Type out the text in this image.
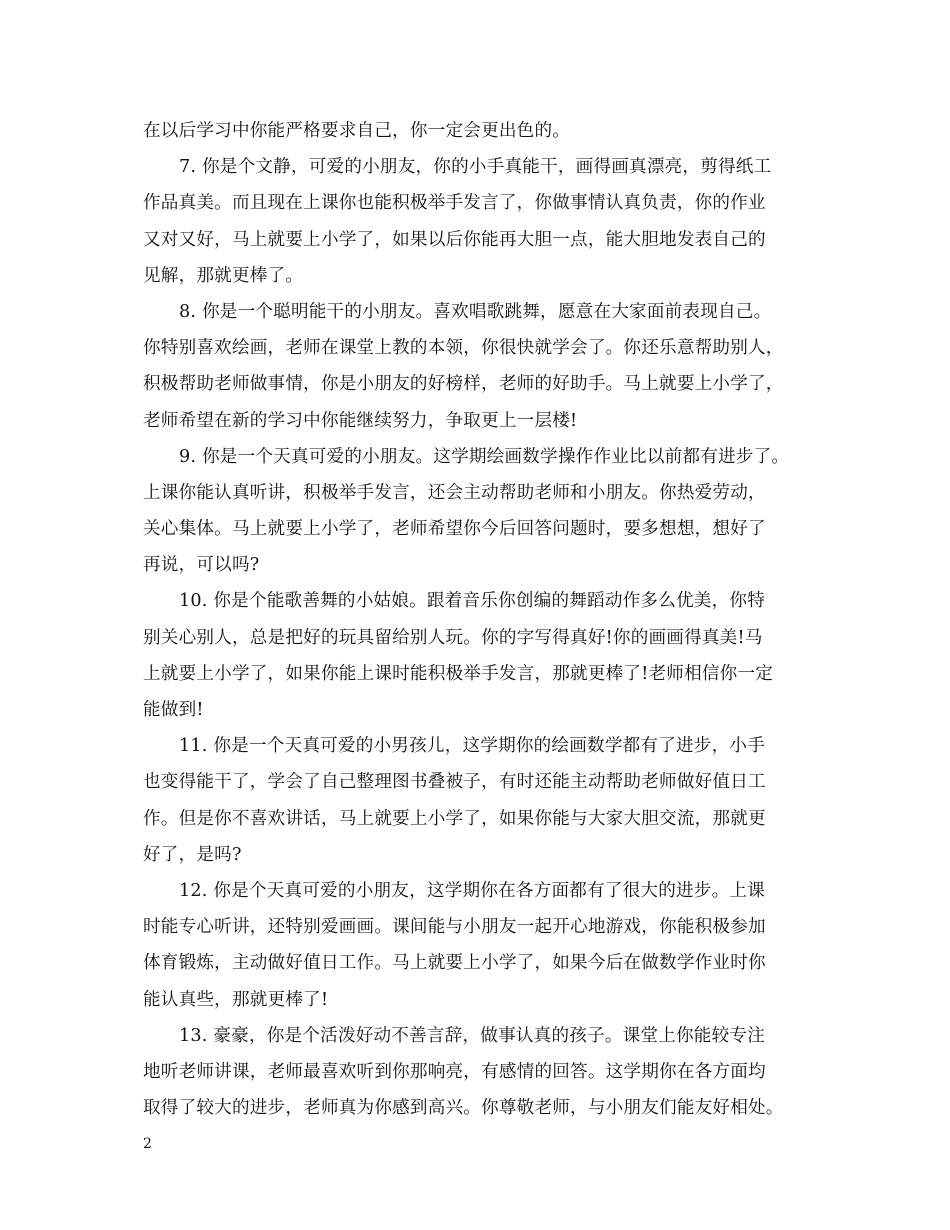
在以后学习中你能严格要求自己，你一定会更出色的。
7. 你是个文静，可爱的小朋友，你的小手真能干，画得画真漂亮，剪得纸工
作品真美。而且现在上课你也能积极举手发言了，你做事情认真负责，你的作业
又对又好，马上就要上小学了，如果以后你能再大胆一点，能大胆地发表自己的
见解，那就更棒了。
8. 你是一个聪明能干的小朋友。喜欢唱歌跳舞，愿意在大家面前表现自己。
你特别喜欢绘画，老师在课堂上教的本领，你很快就学会了。你还乐意帮助别人，
积极帮助老师做事情，你是小朋友的好榜样，老师的好助手。马上就要上小学了，
老师希望在新的学习中你能继续努力，争取更上一层楼!
9. 你是一个天真可爱的小朋友。这学期绘画数学操作作业比以前都有进步了。
上课你能认真听讲，积极举手发言，还会主动帮助老师和小朋友。你热爱劳动，
关心集体。马上就要上小学了，老师希望你今后回答问题时，要多想想，想好了
再说，可以吗?
10. 你是个能歌善舞的小姑娘。跟着音乐你创编的舞蹈动作多么优美，你特
别关心别人，总是把好的玩具留给别人玩。你的字写得真好!你的画画得真美!马
上就要上小学了，如果你能上课时能积极举手发言，那就更棒了!老师相信你一定
能做到!
11. 你是一个天真可爱的小男孩儿，这学期你的绘画数学都有了进步，小手
也变得能干了，学会了自己整理图书叠被子，有时还能主动帮助老师做好值日工
作。但是你不喜欢讲话，马上就要上小学了，如果你能与大家大胆交流，那就更
好了，是吗?
12. 你是个天真可爱的小朋友，这学期你在各方面都有了很大的进步。上课
时能专心听讲，还特别爱画画。课间能与小朋友一起开心地游戏，你能积极参加
体育锻炼，主动做好值日工作。马上就要上小学了，如果今后在做数学作业时你
能认真些，那就更棒了!
13. 豪豪，你是个活泼好动不善言辞，做事认真的孩子。课堂上你能较专注
地听老师讲课，老师最喜欢听到你那响亮，有感情的回答。这学期你在各方面均
取得了较大的进步，老师真为你感到高兴。你尊敬老师，与小朋友们能友好相处。
2
